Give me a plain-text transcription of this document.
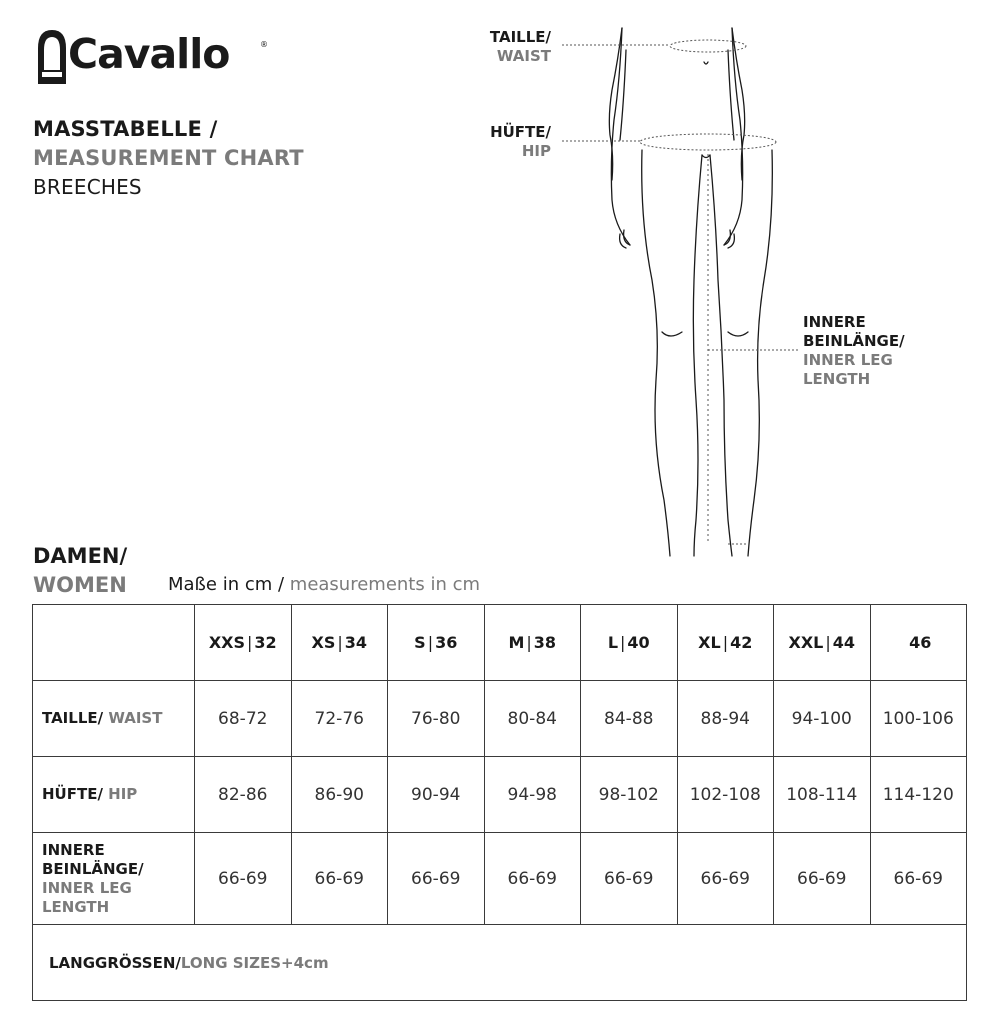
Cavallo	®
MASSTABELLE /
MEASUREMENT CHART
BREECHES
TAILLE/
WAIST
HÜFTE/
HIP
INNERE
BEINLÄNGE/
INNER LEG
LENGTH
DAMEN/
WOMEN Maße in cm / measurements in cm
	XXS | 32	XS | 34	S | 36	M | 38	L | 40	XL | 42	XXL | 44	46
TAILLE/ WAIST	68-72	72-76	76-80	80-84	84-88	88-94	94-100	100-106
HÜFTE/ HIP	82-86	86-90	90-94	94-98	98-102	102-108	108-114	114-120

INNERE
BEINLÄNGE/
INNER LEG
LENGTH	66-69	66-69	66-69	66-69	66-69	66-69	66-69	66-69
LANGGRÖSSEN/LONG SIZES+4cm								
